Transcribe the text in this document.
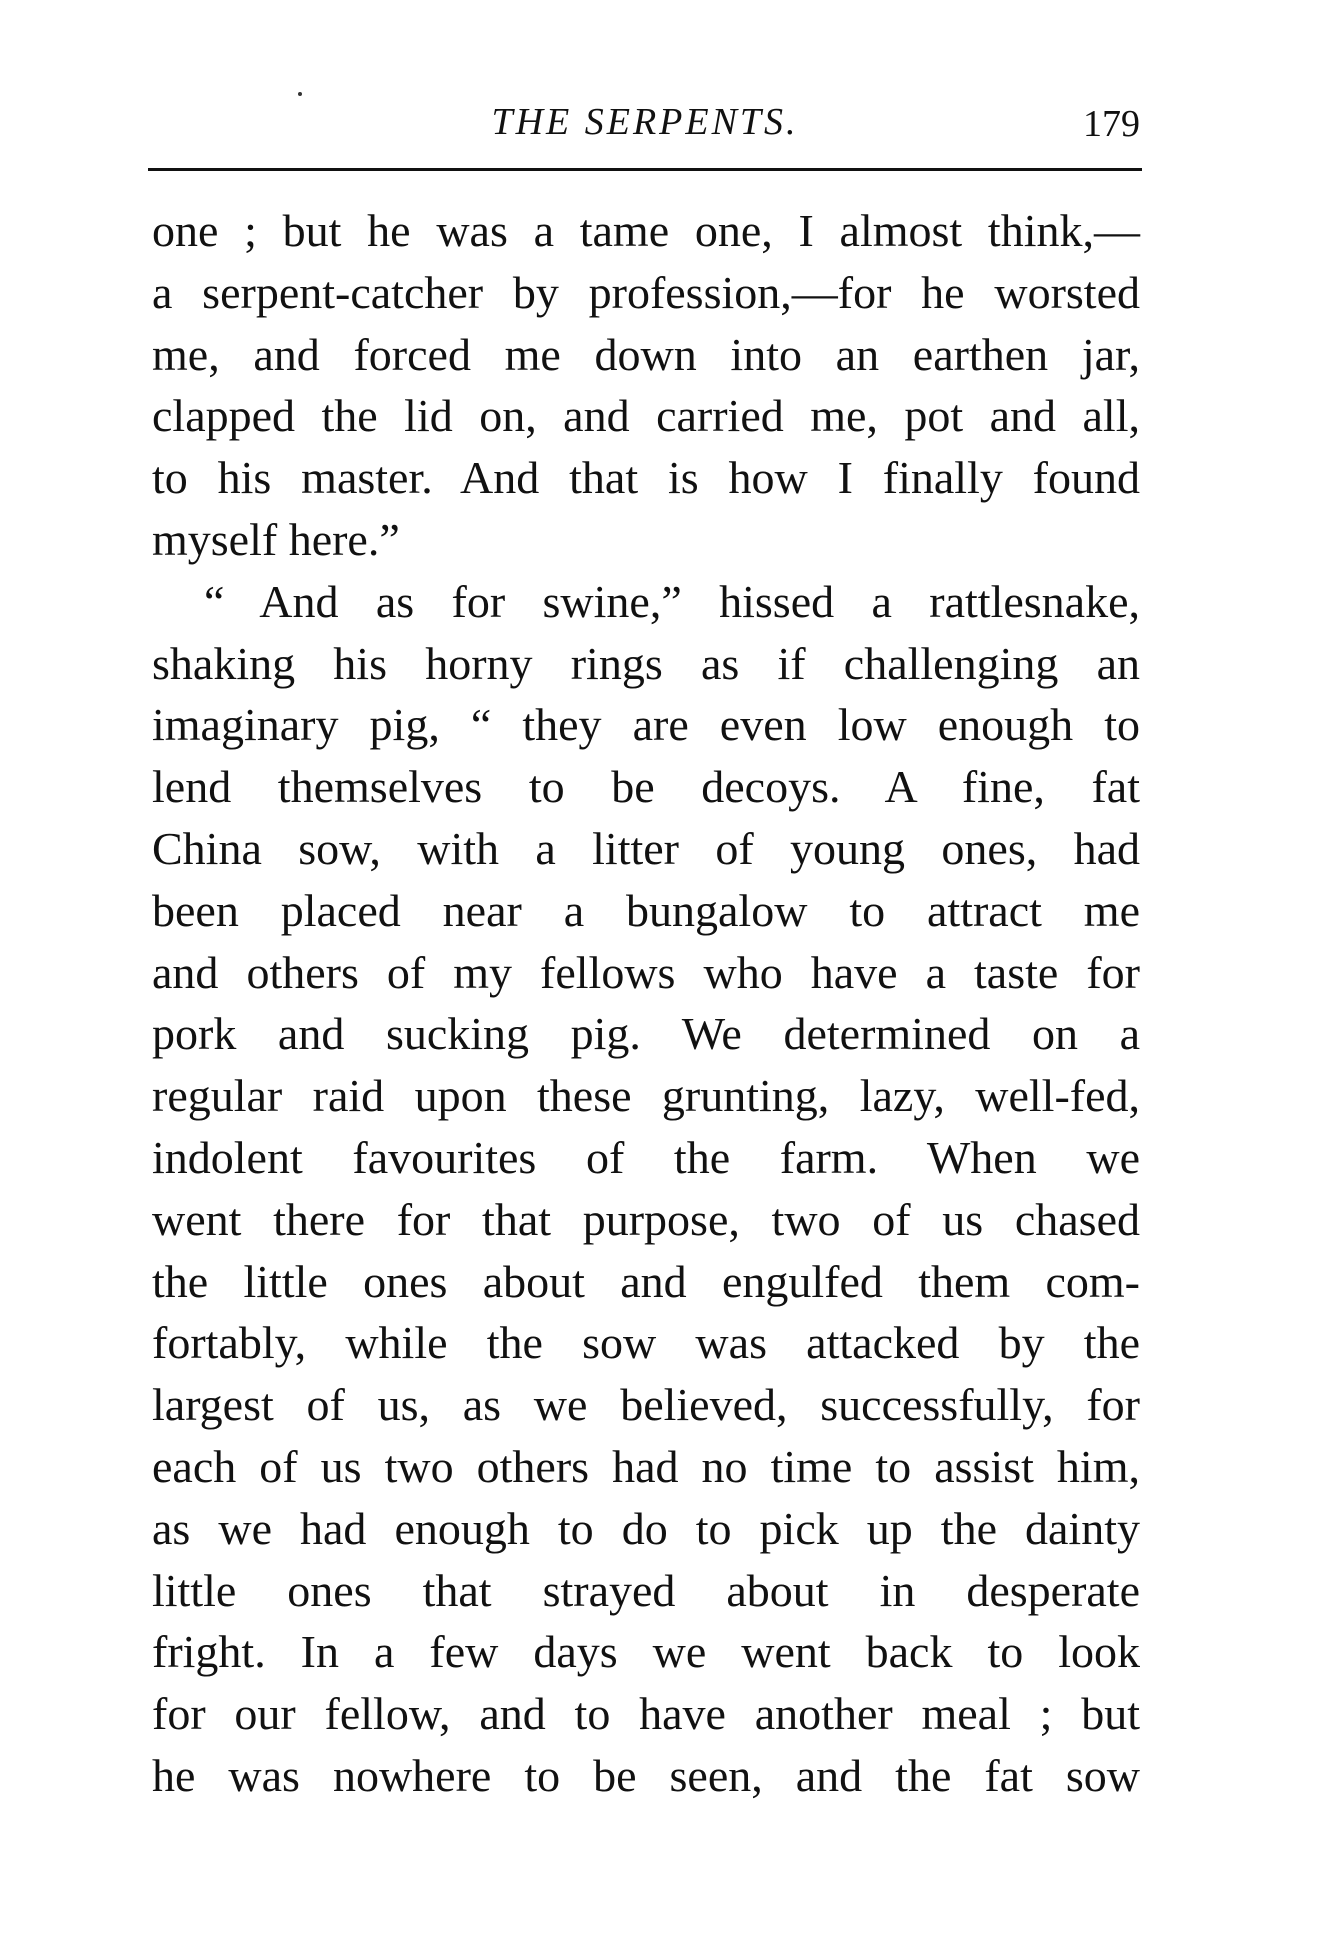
THE SERPENTS.	179
one ; but he was a tame one, I almost think,—
a serpent-catcher by profession,—for he worsted
me, and forced me down into an earthen jar,
clapped the lid on, and carried me, pot and all,
to his master. And that is how I finally found
myself here.”
“ And as for swine,” hissed a rattlesnake,
shaking his horny rings as if challenging an
imaginary pig, “ they are even low enough to
lend themselves to be decoys. A fine, fat
China sow, with a litter of young ones, had
been placed near a bungalow to attract me
and others of my fellows who have a taste for
pork and sucking pig. We determined on a
regular raid upon these grunting, lazy, well-fed,
indolent favourites of the farm. When we
went there for that purpose, two of us chased
the little ones about and engulfed them com-
fortably, while the sow was attacked by the
largest of us, as we believed, successfully, for
each of us two others had no time to assist him,
as we had enough to do to pick up the dainty
little ones that strayed about in desperate
fright. In a few days we went back to look
for our fellow, and to have another meal ; but
he was nowhere to be seen, and the fat sow
